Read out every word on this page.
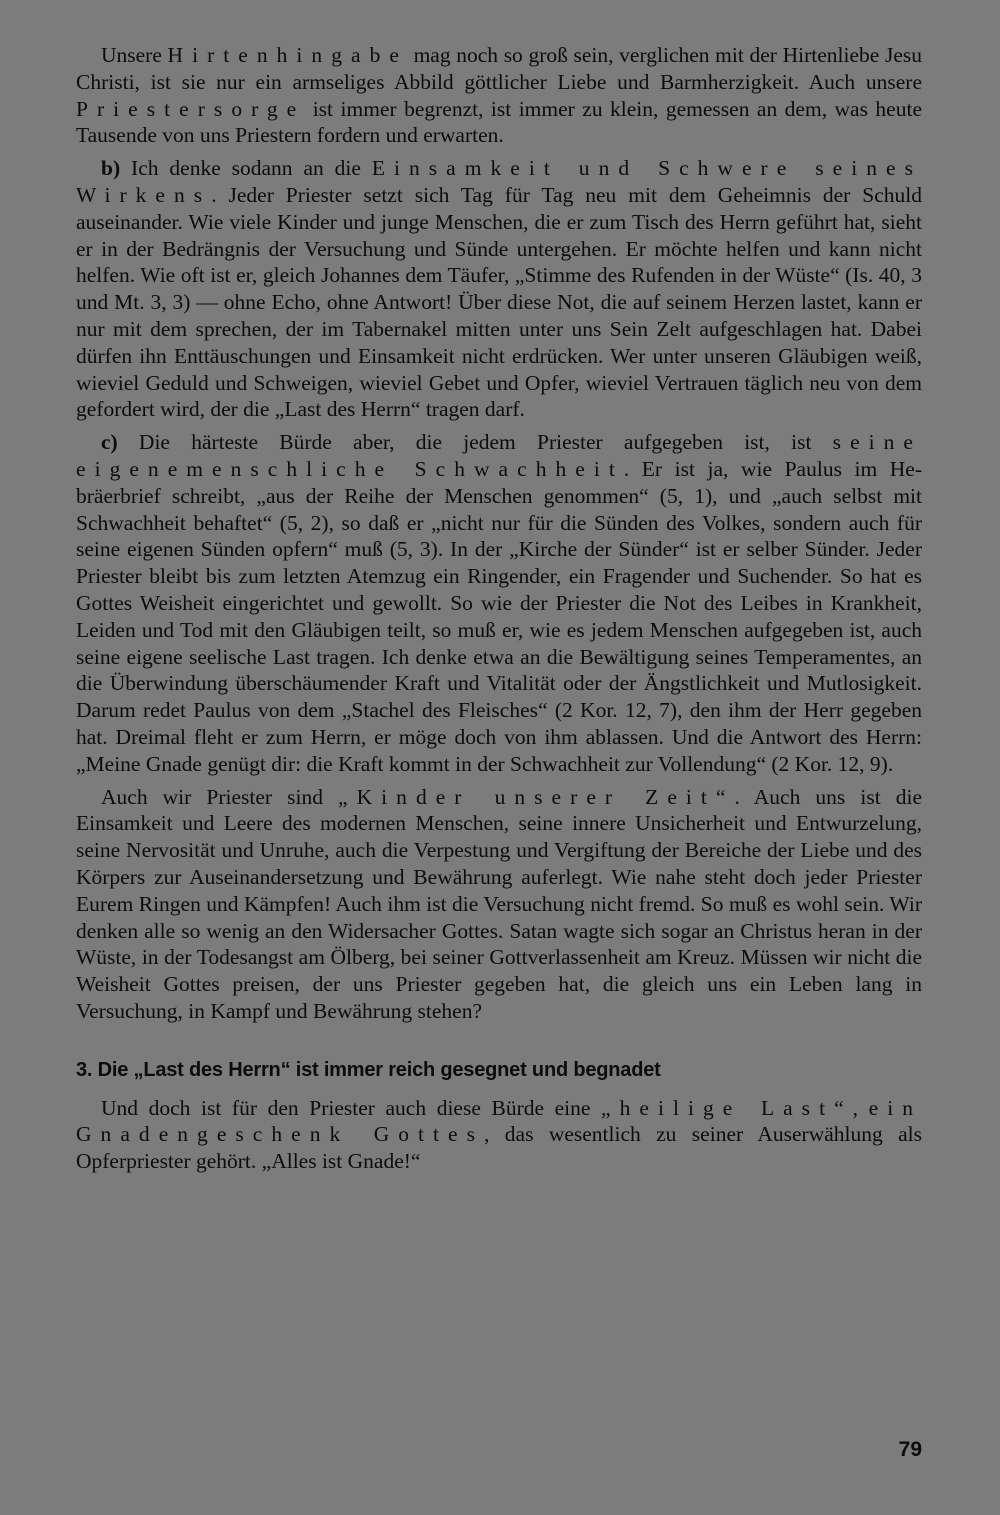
Unsere Hirtenhingabe mag noch so groß sein, verglichen mit der Hirtenliebe Jesu Christi, ist sie nur ein armseliges Abbild göttlicher Liebe und Barmherzigkeit. Auch unsere Priestersorge ist immer begrenzt, ist immer zu klein, gemessen an dem, was heute Tausende von uns Priestern fordern und erwarten.

b) Ich denke sodann an die Einsamkeit und Schwere seines Wirkens. Jeder Priester setzt sich Tag für Tag neu mit dem Geheimnis der Schuld auseinander. Wie viele Kinder und junge Menschen, die er zum Tisch des Herrn geführt hat, sieht er in der Bedrängnis der Versuchung und Sünde untergehen. Er möchte helfen und kann nicht helfen. Wie oft ist er, gleich Johannes dem Täufer, „Stimme des Rufenden in der Wüste“ (Is. 40, 3 und Mt. 3, 3) — ohne Echo, ohne Antwort! Über diese Not, die auf seinem Herzen lastet, kann er nur mit dem sprechen, der im Tabernakel mitten unter uns Sein Zelt aufgeschlagen hat. Dabei dürfen ihn Enttäuschungen und Einsamkeit nicht erdrücken. Wer unter unseren Gläubigen weiß, wieviel Geduld und Schweigen, wieviel Gebet und Opfer, wieviel Vertrauen täglich neu von dem gefordert wird, der die „Last des Herrn“ tragen darf.

c) Die härteste Bürde aber, die jedem Priester aufgegeben ist, ist seine eigenemenschliche Schwachheit. Er ist ja, wie Paulus im Hebräerbrief schreibt, „aus der Reihe der Menschen genommen“ (5, 1), und „auch selbst mit Schwachheit behaftet“ (5, 2), so daß er „nicht nur für die Sünden des Volkes, sondern auch für seine eigenen Sünden opfern“ muß (5, 3). In der „Kirche der Sünder“ ist er selber Sünder. Jeder Priester bleibt bis zum letzten Atemzug ein Ringender, ein Fragender und Suchender. So hat es Gottes Weisheit eingerichtet und gewollt. So wie der Priester die Not des Leibes in Krankheit, Leiden und Tod mit den Gläubigen teilt, so muß er, wie es jedem Menschen aufgegeben ist, auch seine eigene seelische Last tragen. Ich denke etwa an die Bewältigung seines Temperamentes, an die Überwindung überschäumender Kraft und Vitalität oder der Ängstlichkeit und Mutlosigkeit. Darum redet Paulus von dem „Stachel des Fleisches“ (2 Kor. 12, 7), den ihm der Herr gegeben hat. Dreimal fleht er zum Herrn, er möge doch von ihm ablassen. Und die Antwort des Herrn: „Meine Gnade genügt dir: die Kraft kommt in der Schwachheit zur Vollendung“ (2 Kor. 12, 9).

Auch wir Priester sind „Kinder unserer Zeit“. Auch uns ist die Einsamkeit und Leere des modernen Menschen, seine innere Unsicherheit und Entwurzelung, seine Nervosität und Unruhe, auch die Verpestung und Vergiftung der Bereiche der Liebe und des Körpers zur Auseinandersetzung und Bewährung auferlegt. Wie nahe steht doch jeder Priester Eurem Ringen und Kämpfen! Auch ihm ist die Versuchung nicht fremd. So muß es wohl sein. Wir denken alle so wenig an den Widersacher Gottes. Satan wagte sich sogar an Christus heran in der Wüste, in der Todesangst am Ölberg, bei seiner Gottverlassenheit am Kreuz. Müssen wir nicht die Weisheit Gottes preisen, der uns Priester gegeben hat, die gleich uns ein Leben lang in Versuchung, in Kampf und Bewährung stehen?

3. Die „Last des Herrn“ ist immer reich gesegnet und begnadet

Und doch ist für den Priester auch diese Bürde eine „heilige Last“, ein Gnadengeschenk Gottes, das wesentlich zu seiner Auserwählung als Opferpriester gehört. „Alles ist Gnade!“

79
